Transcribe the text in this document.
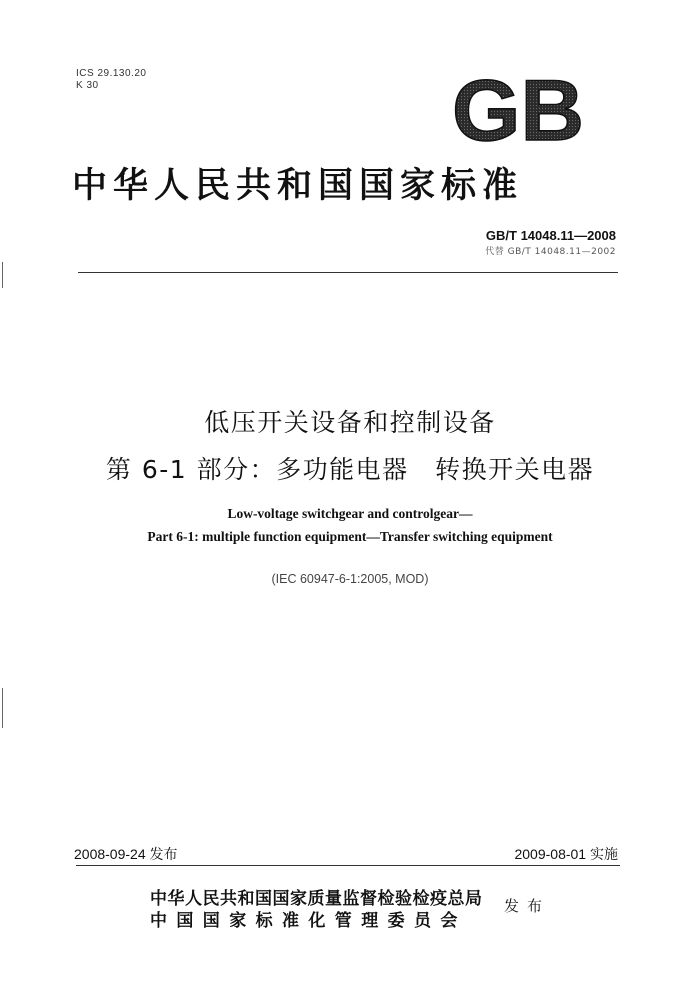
ICS 29.130.20
K 30	GB
中华人民共和国国家标准
GB/T 14048.11—2008
代替 GB/T 14048.11—2002
低压开关设备和控制设备
第 6-1 部分：多功能电器　转换开关电器
Low-voltage switchgear and controlgear—
Part 6-1: multiple function equipment—Transfer switching equipment
(IEC 60947-6-1:2005, MOD)
2008-09-24 发布	2009-08-01 实施
中华人民共和国国家质量监督检验检疫总局
中国国家标准化管理委员会
发布
